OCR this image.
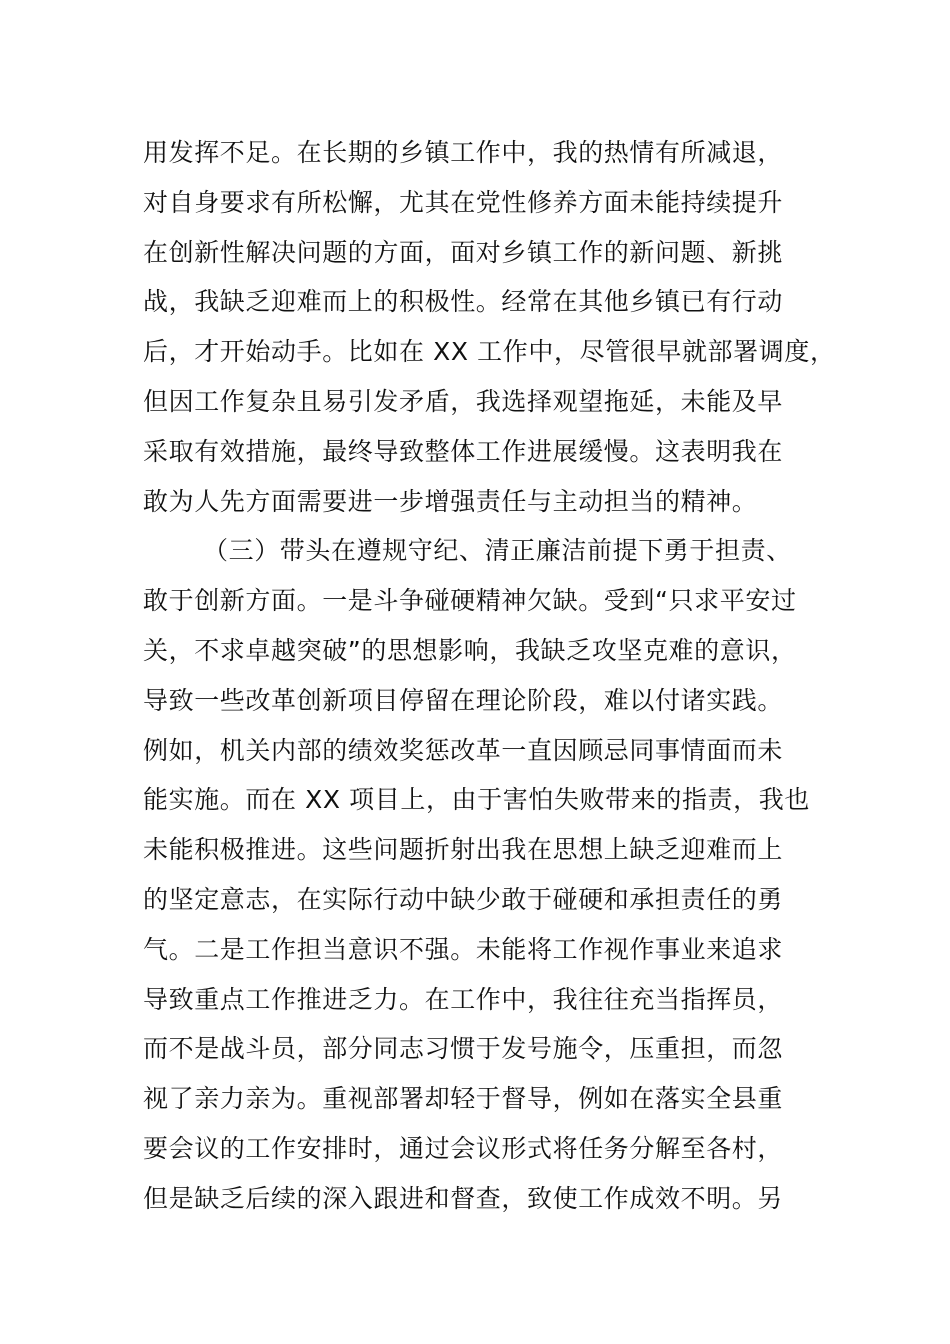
用发挥不足。在长期的乡镇工作中，我的热情有所减退，
对自身要求有所松懈，尤其在党性修养方面未能持续提升
在创新性解决问题的方面，面对乡镇工作的新问题、新挑
战，我缺乏迎难而上的积极性。经常在其他乡镇已有行动
后，才开始动手。比如在 XX 工作中，尽管很早就部署调度，
但因工作复杂且易引发矛盾，我选择观望拖延，未能及早
采取有效措施，最终导致整体工作进展缓慢。这表明我在
敢为人先方面需要进一步增强责任与主动担当的精神。
（三）带头在遵规守纪、清正廉洁前提下勇于担责、
敢于创新方面。一是斗争碰硬精神欠缺。受到“只求平安过
关，不求卓越突破”的思想影响，我缺乏攻坚克难的意识，
导致一些改革创新项目停留在理论阶段，难以付诸实践。
例如，机关内部的绩效奖惩改革一直因顾忌同事情面而未
能实施。而在 XX 项目上，由于害怕失败带来的指责，我也
未能积极推进。这些问题折射出我在思想上缺乏迎难而上
的坚定意志，在实际行动中缺少敢于碰硬和承担责任的勇
气。二是工作担当意识不强。未能将工作视作事业来追求
导致重点工作推进乏力。在工作中，我往往充当指挥员，
而不是战斗员，部分同志习惯于发号施令，压重担，而忽
视了亲力亲为。重视部署却轻于督导，例如在落实全县重
要会议的工作安排时，通过会议形式将任务分解至各村，
但是缺乏后续的深入跟进和督查，致使工作成效不明。另
